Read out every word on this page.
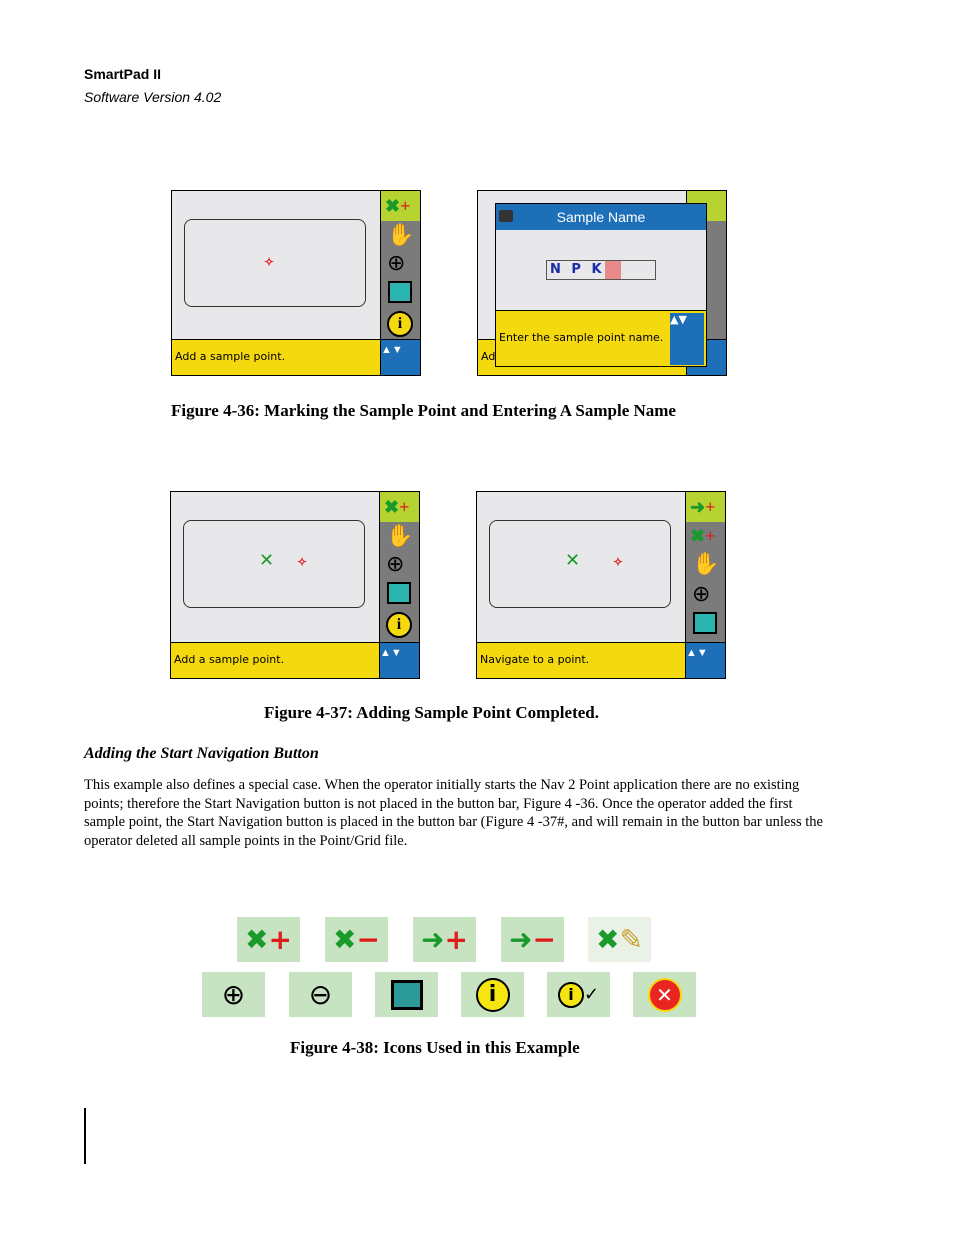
SmartPad II
Software Version 4.02
✧
Add a sample point.
✖+
✋
⊕
i
▲▼	Ad
Sample Name
N P K
Enter the sample point name.
▲▼
Figure 4-36: Marking the Sample Point and Entering A Sample Name
✕ ✧
Add a sample point.
✖+
✋
⊕
i
▲▼
✕	✧
Navigate to a point.
➜+
✖+
✋
⊕
▲▼
Figure 4-37: Adding Sample Point Completed.
Adding the Start Navigation Button
This example also defines a special case. When the operator initially starts the Nav 2 Point application there are no existing points; therefore the Start Navigation button is not placed in the button bar, Figure 4 -36. Once the operator added the first sample point, the Start Navigation button is placed in the button bar (Figure 4 -37#, and will remain in the button bar unless the operator deleted all sample points in the Point/Grid file.
✖ + ✖ − ➜ + ➜ − ✖ ✎
⊕	⊖	i	i ✓	✕
Figure 4-38: Icons Used in this Example
